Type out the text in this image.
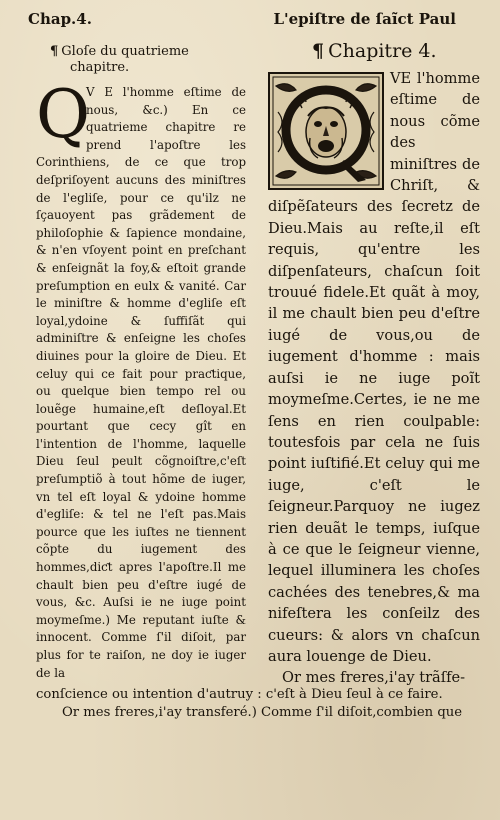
Chap.4.	L'epiſtre de ſaĩct Paul
¶ Gloſe du quatrieme chapitre.
Q

V E l'homme eſtime de nous, &c.) En ce quatrieme chapitre re prend l'apoſtre les Corinthiens, de ce que trop deſpriſoyent aucuns des miniſtres de l'egliſe, pour ce qu'ilz ne ſçauoyent pas grãdement de philoſophie & ſapience mondaine, & n'en vſoyent point en preſchant & enſeignãt la foy,& eſtoit grande preſumption en eulx & vanité. Car le miniſtre & homme d'egliſe eſt loyal,ydoine & ſuffiſãt qui adminiſtre & enſeigne les choſes diuines pour la gloire de Dieu. Et celuy qui ce fait pour praƈtique, ou quelque bien tempo rel ou louẽge humaine,eſt deſloyal.Et pourtant que cecy gît en l'intention de l'homme, laquelle Dieu ſeul peult cõgnoiſtre,c'eſt preſumptiõ à tout hõme de iuger, vn tel eſt loyal & ydoine homme d'egliſe: & tel ne l'eſt pas.Mais pource que les iuſtes ne tiennent cõpte du iugement des hommes,diƈt apres l'apoſtre.Il me chault bien peu d'eſtre iugé de vous, &c. Auſsi ie ne iuge point moymeſme.) Me reputant iuſte & innocent. Comme ſ'il diſoit, par plus for te raiſon, ne doy ie iuger de la

¶ Chapitre 4.

VE l'homme eſtime de nous cõme des miniſtres de Chriſt, & diſpẽſateurs des ſecretz de Dieu.Mais au reſte,il eſt requis, qu'entre les diſpenſateurs, chaſcun ſoit trouué fidele.Et quãt à moy, il me chault bien peu d'eſtre iugé de vous,ou de iugement d'homme : mais auſsi ie ne iuge poĩt moymeſme.Certes, ie ne me ſens en rien coulpable: toutesfois par cela ne ſuis point iuſtifié.Et celuy qui me iuge, c'eſt le ſeigneur.Parquoy ne iugez rien deuãt le temps, iuſque à ce que le ſeigneur vienne, lequel illuminera les choſes cachées des tenebres,& ma nifeſtera les conſeilz des cueurs: & alors vn chaſcun aura louenge de Dieu.

Or mes freres,i'ay trãſfe-

conſcience ou intention d'autruy : c'eſt à Dieu ſeul à ce faire.
Or mes freres,i'ay transferé.) Comme ſ'il diſoit,combien que
